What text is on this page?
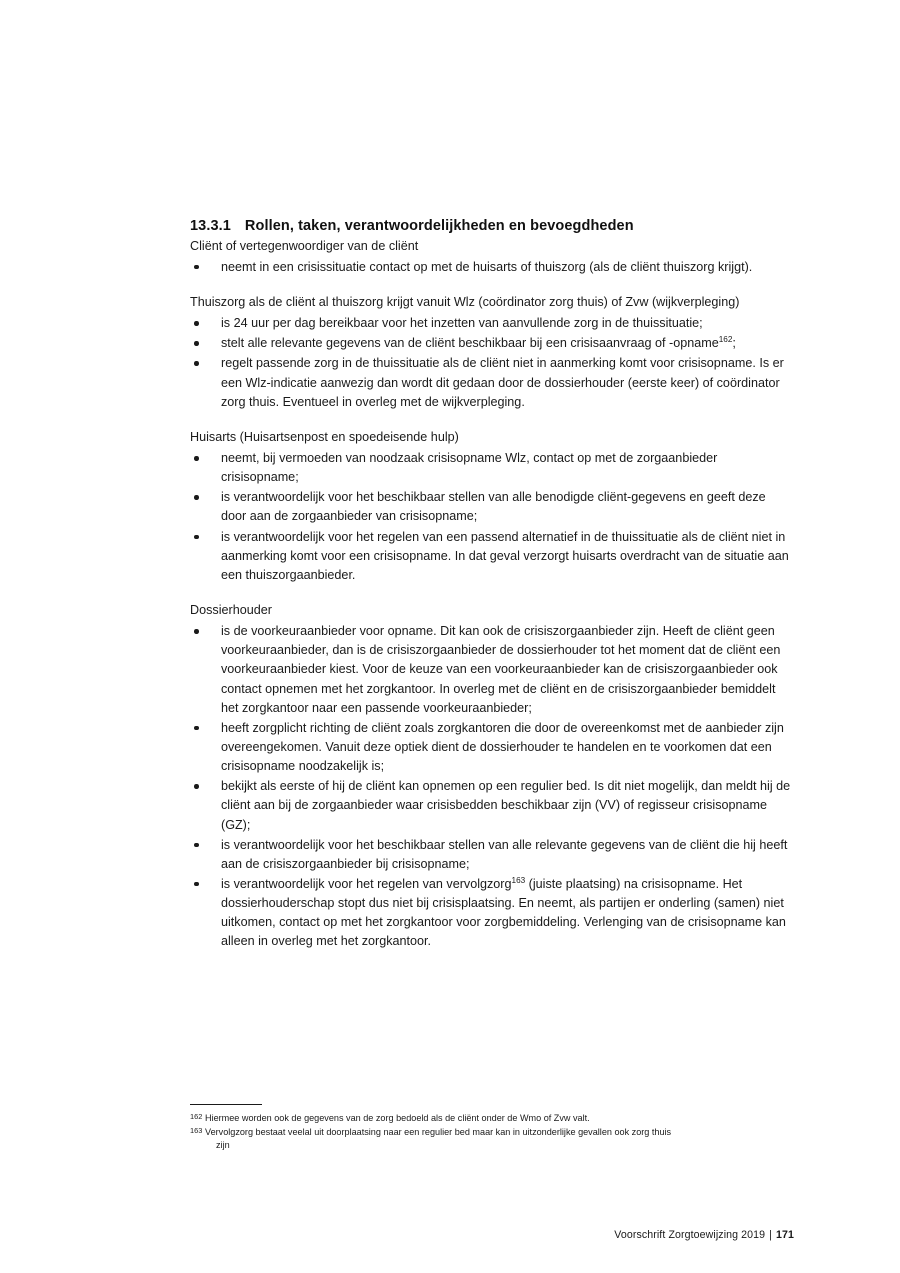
13.3.1 Rollen, taken, verantwoordelijkheden en bevoegdheden

Cliënt of vertegenwoordiger van de cliënt

neemt in een crisissituatie contact op met de huisarts of thuiszorg (als de cliënt thuiszorg krijgt).

Thuiszorg als de cliënt al thuiszorg krijgt vanuit Wlz (coördinator zorg thuis) of Zvw (wijkverpleging)

is 24 uur per dag bereikbaar voor het inzetten van aanvullende zorg in de thuissituatie;
stelt alle relevante gegevens van de cliënt beschikbaar bij een crisisaanvraag of -opname$^{162}$;
regelt passende zorg in de thuissituatie als de cliënt niet in aanmerking komt voor crisisopname. Is er een Wlz-indicatie aanwezig dan wordt dit gedaan door de dossierhouder (eerste keer) of coördinator zorg thuis. Eventueel in overleg met de wijkverpleging.

Huisarts (Huisartsenpost en spoedeisende hulp)

neemt, bij vermoeden van noodzaak crisisopname Wlz, contact op met de zorgaanbieder crisisopname;
is verantwoordelijk voor het beschikbaar stellen van alle benodigde cliënt-gegevens en geeft deze door aan de zorgaanbieder van crisisopname;
is verantwoordelijk voor het regelen van een passend alternatief in de thuissituatie als de cliënt niet in aanmerking komt voor een crisisopname. In dat geval verzorgt huisarts overdracht van de situatie aan een thuiszorgaanbieder.

Dossierhouder

is de voorkeuraanbieder voor opname. Dit kan ook de crisiszorgaanbieder zijn. Heeft de cliënt geen voorkeuraanbieder, dan is de crisiszorgaanbieder de dossierhouder tot het moment dat de cliënt een voorkeuraanbieder kiest. Voor de keuze van een voorkeuraanbieder kan de crisiszorgaanbieder ook contact opnemen met het zorgkantoor. In overleg met de cliënt en de crisiszorgaanbieder bemiddelt het zorgkantoor naar een passende voorkeuraanbieder;
heeft zorgplicht richting de cliënt zoals zorgkantoren die door de overeenkomst met de aanbieder zijn overeengekomen. Vanuit deze optiek dient de dossierhouder te handelen en te voorkomen dat een crisisopname noodzakelijk is;
bekijkt als eerste of hij de cliënt kan opnemen op een regulier bed. Is dit niet mogelijk, dan meldt hij de cliënt aan bij de zorgaanbieder waar crisisbedden beschikbaar zijn (VV) of regisseur crisisopname (GZ);
is verantwoordelijk voor het beschikbaar stellen van alle relevante gegevens van de cliënt die hij heeft aan de crisiszorgaanbieder bij crisisopname;
is verantwoordelijk voor het regelen van vervolgzorg$^{163}$ (juiste plaatsing) na crisisopname. Het dossierhouderschap stopt dus niet bij crisisplaatsing. En neemt, als partijen er onderling (samen) niet uitkomen, contact op met het zorgkantoor voor zorgbemiddeling. Verlenging van de crisisopname kan alleen in overleg met het zorgkantoor.

162 Hiermee worden ook de gegevens van de zorg bedoeld als de cliënt onder de Wmo of Zvw valt.

163 Vervolgzorg bestaat veelal uit doorplaatsing naar een regulier bed maar kan in uitzonderlijke gevallen ook zorg thuis
zijn

Voorschrift Zorgtoewijzing 2019 | 171
